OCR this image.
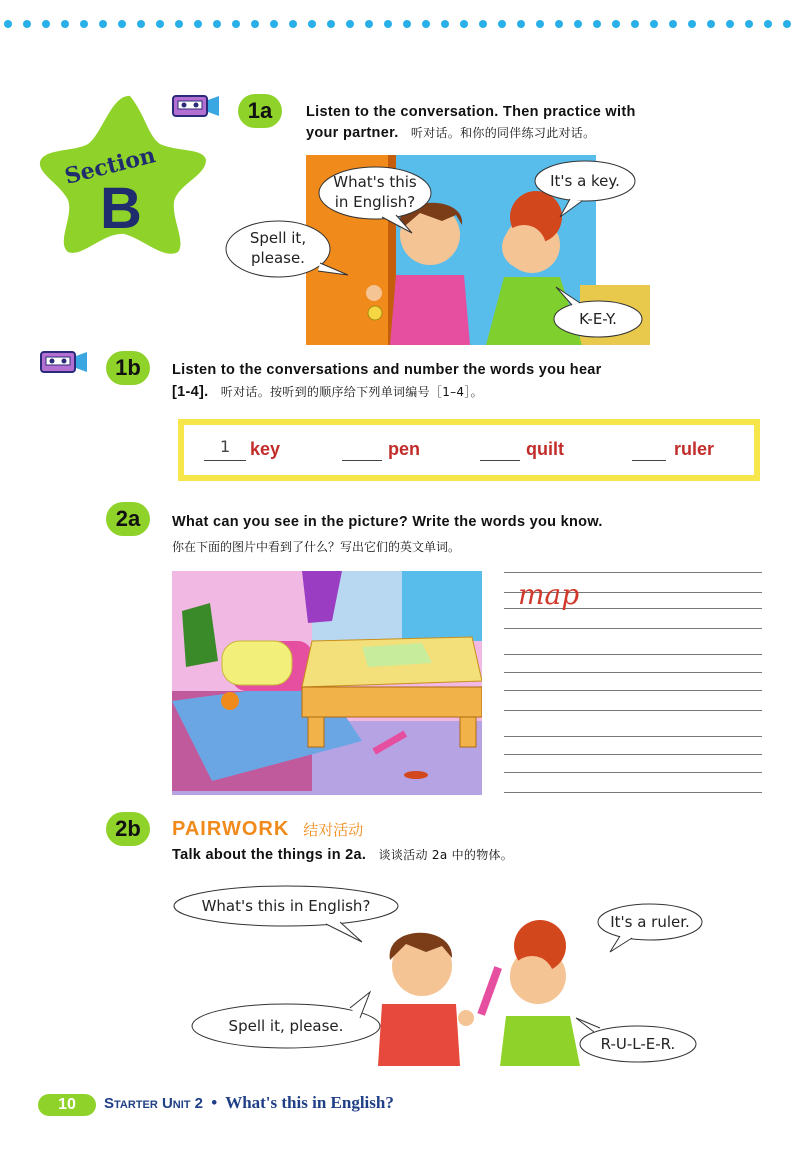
Section
B
1a	Listen to the conversation. Then practice with
your partner. 听对话。和你的同伴练习此对话。
What's this
in English?
It's a key.
Spell it,
please.
K-E-Y.
1b	Listen to the conversations and number the words you hear
[1-4]. 听对话。按听到的顺序给下列单词编号［1–4］。
1 key	pen	quilt	ruler
2a	What can you see in the picture? Write the words you know.
你在下面的图片中看到了什么？写出它们的英文单词。
map
2b	PAIRWORK 结对活动
Talk about the things in 2a. 谈谈活动 2a 中的物体。
What's this in English?
It's a ruler.
Spell it, please.
R-U-L-E-R.
10	Starter Unit 2 • What's this in English?
